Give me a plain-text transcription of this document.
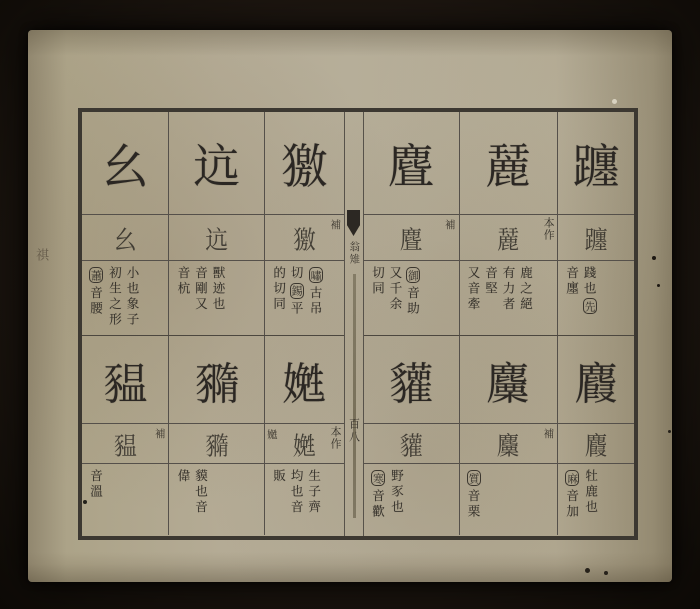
祺
獥
補
獥
嘯古吊
切錫平
的切同
迒
迒
獸迹也
音剛又
音杭
幺
幺
小也象子
初生之形
蕭音腰
嬎
本作
嬔 嬎
生子齊
均也音
販
䝐
䝐
貘也音
偉
豱
補
豱
音溫
翁雉
百八
躔
躔
踐也先
音廛
麉
本作
麉
鹿之絕
有力者
音堅
又音牽
麆
補
麆
御音助
又千余
切同
麚
麚
牡鹿也
麻音加
麜
補
麜
質音栗
貛
貛
野豕也
寒音歡
